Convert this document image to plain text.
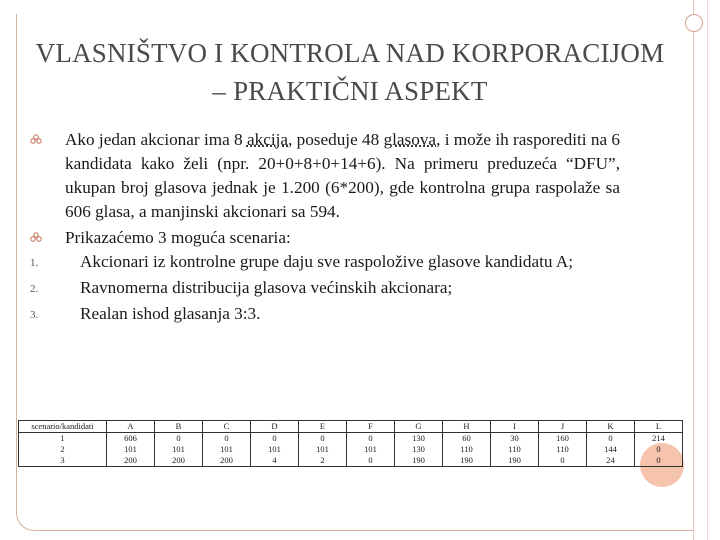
VLASNIŠTVO I KONTROLA NAD KORPORACIJOM – PRAKTIČNI ASPEKT
Ako jedan akcionar ima 8 akcija, poseduje 48 glasova, i može ih rasporediti na 6 kandidata kako želi (npr. 20+0+8+0+14+6). Na primeru preduzeća “DFU”, ukupan broj glasova jednak je 1.200 (6*200), gde kontrolna grupa raspolaže sa 606 glasa, a manjinski akcionari sa 594.
Prikazaćemo 3 moguća scenaria:
1. Akcionari iz kontrolne grupe daju sve raspoložive glasove kandidatu A;
2. Ravnomerna distribucija glasova većinskih akcionara;
3. Realan ishod glasanja 3:3.
scenario/kandidati	A	B	C	D	E	F	G	H	I	J	K	L
1	606	0	0	0	0	0	130	60	30	160	0	214
2	101	101	101	101	101	101	130	110	110	110	144	0
3	200	200	200	4	2	0	190	190	190	0	24	0
